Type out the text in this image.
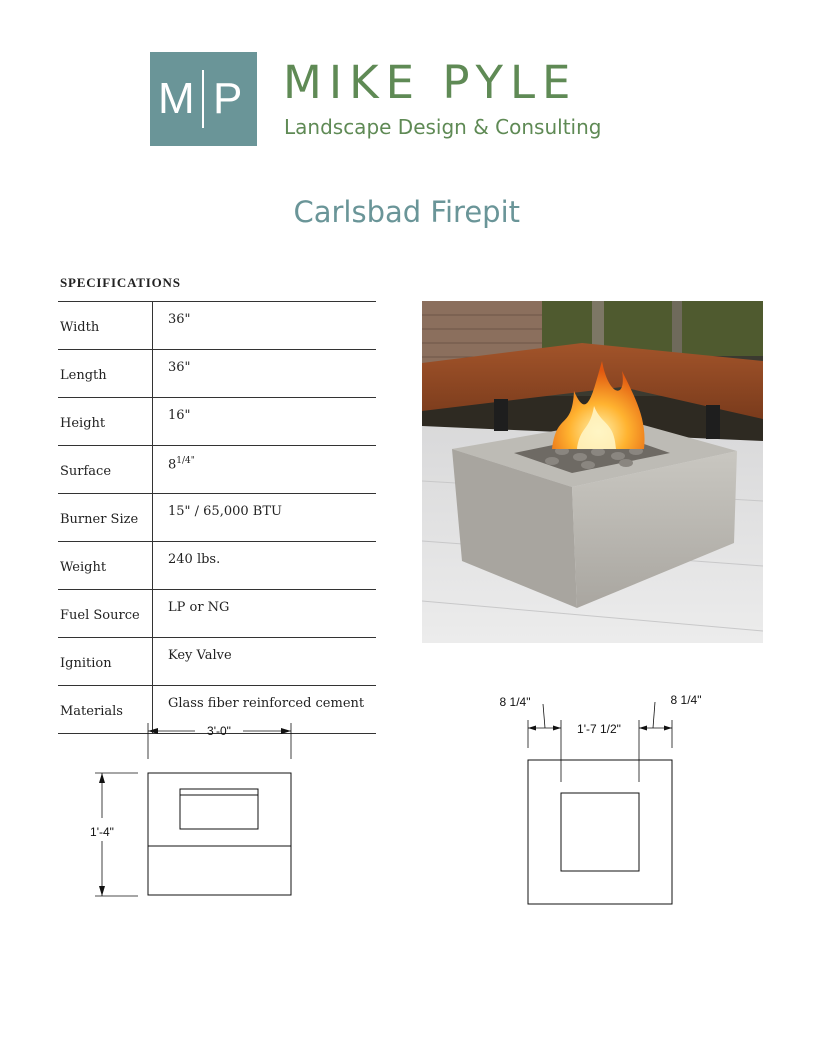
M P MIKE PYLE
Landscape Design & Consulting
Carlsbad Firepit
SPECIFICATIONS
Width	36"
Length	36"
Height	16"
Surface	$8^{1/4"}$
Burner Size	15" / 65,000 BTU
Weight	240 lbs.
Fuel Source	LP or NG
Ignition	Key Valve
Materials	Glass fiber reinforced cement
3'-0"
1'-4"
8 1/4"	8 1/4"
1'-7 1/2"
